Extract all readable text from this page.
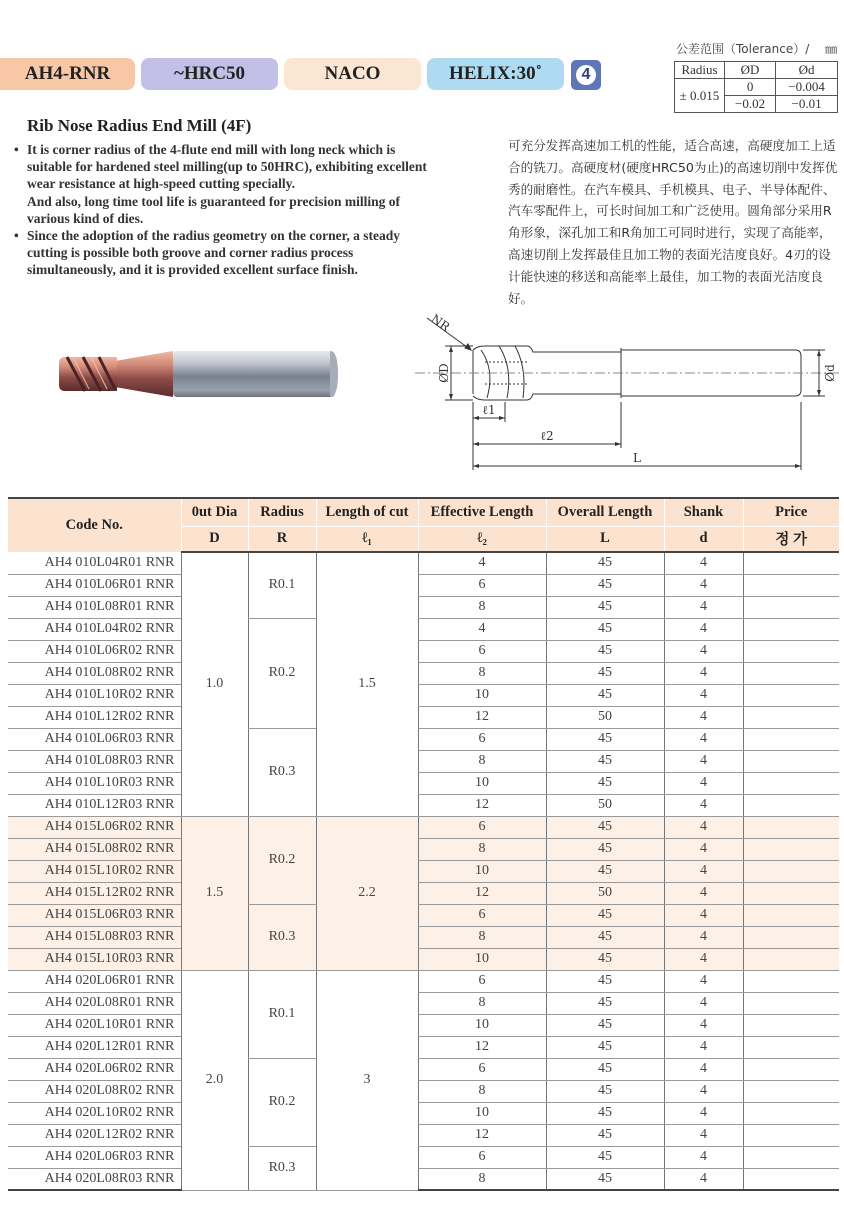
AH4-RNR	~HRC50	NACO	HELIX:30˚	4
公差范围（Tolerance）/ 　㎜
Radius	ØD	Ød
± 0.015	0	−0.004
	−0.02	−0.01
Rib Nose Radius End Mill (4F)
• It is corner radius of the 4-flute end mill with long neck which is suitable for hardened steel milling(up to 50HRC), exhibiting excellent wear resistance at high-speed cutting specially.
And also, long time tool life is guaranteed for precision milling of various kind of dies.
• Since the adoption of the radius geometry on the corner, a steady cutting is possible both groove and corner radius process simultaneously, and it is provided excellent surface finish.
可充分发挥高速加工机的性能，适合高速，高硬度加工上适合的铣刀。高硬度材(硬度HRC50为止)的高速切削中发挥优秀的耐磨性。在汽车模具、手机模具、电子、半导体配件、汽车零配件上，可长时间加工和广泛使用。圆角部分采用R角形象，深孔加工和R角加工可同时进行，实现了高能率，高速切削上发挥最佳且加工物的表面光洁度良好。4刃的设计能快速的移送和高能率上最佳，加工物的表面光洁度良好。
NR
ØD	Ød
ℓ1
ℓ2
L
Code No.	0ut Dia	Radius	Length of cut	Effective Length	Overall Length	Shank	Price
	D	R	ℓ₁	ℓ₂	L	d	정 가
AH4 010L04R01 RNR	1.0	R0.1	1.5	4	45	4	
AH4 010L06R01 RNR				6	45	4	
AH4 010L08R01 RNR				8	45	4	
AH4 010L04R02 RNR		R0.2		4	45	4	
AH4 010L06R02 RNR				6	45	4	
AH4 010L08R02 RNR				8	45	4	
AH4 010L10R02 RNR				10	45	4	
AH4 010L12R02 RNR				12	50	4	
AH4 010L06R03 RNR		R0.3		6	45	4	
AH4 010L08R03 RNR				8	45	4	
AH4 010L10R03 RNR				10	45	4	
AH4 010L12R03 RNR				12	50	4	
AH4 015L06R02 RNR	1.5	R0.2	2.2	6	45	4	
AH4 015L08R02 RNR				8	45	4	
AH4 015L10R02 RNR				10	45	4	
AH4 015L12R02 RNR				12	50	4	
AH4 015L06R03 RNR		R0.3		6	45	4	
AH4 015L08R03 RNR				8	45	4	
AH4 015L10R03 RNR				10	45	4	
AH4 020L06R01 RNR	2.0	R0.1	3	6	45	4	
AH4 020L08R01 RNR				8	45	4	
AH4 020L10R01 RNR				10	45	4	
AH4 020L12R01 RNR				12	45	4	
AH4 020L06R02 RNR		R0.2		6	45	4	
AH4 020L08R02 RNR				8	45	4	
AH4 020L10R02 RNR				10	45	4	
AH4 020L12R02 RNR				12	45	4	
AH4 020L06R03 RNR		R0.3		6	45	4	
AH4 020L08R03 RNR				8	45	4	
